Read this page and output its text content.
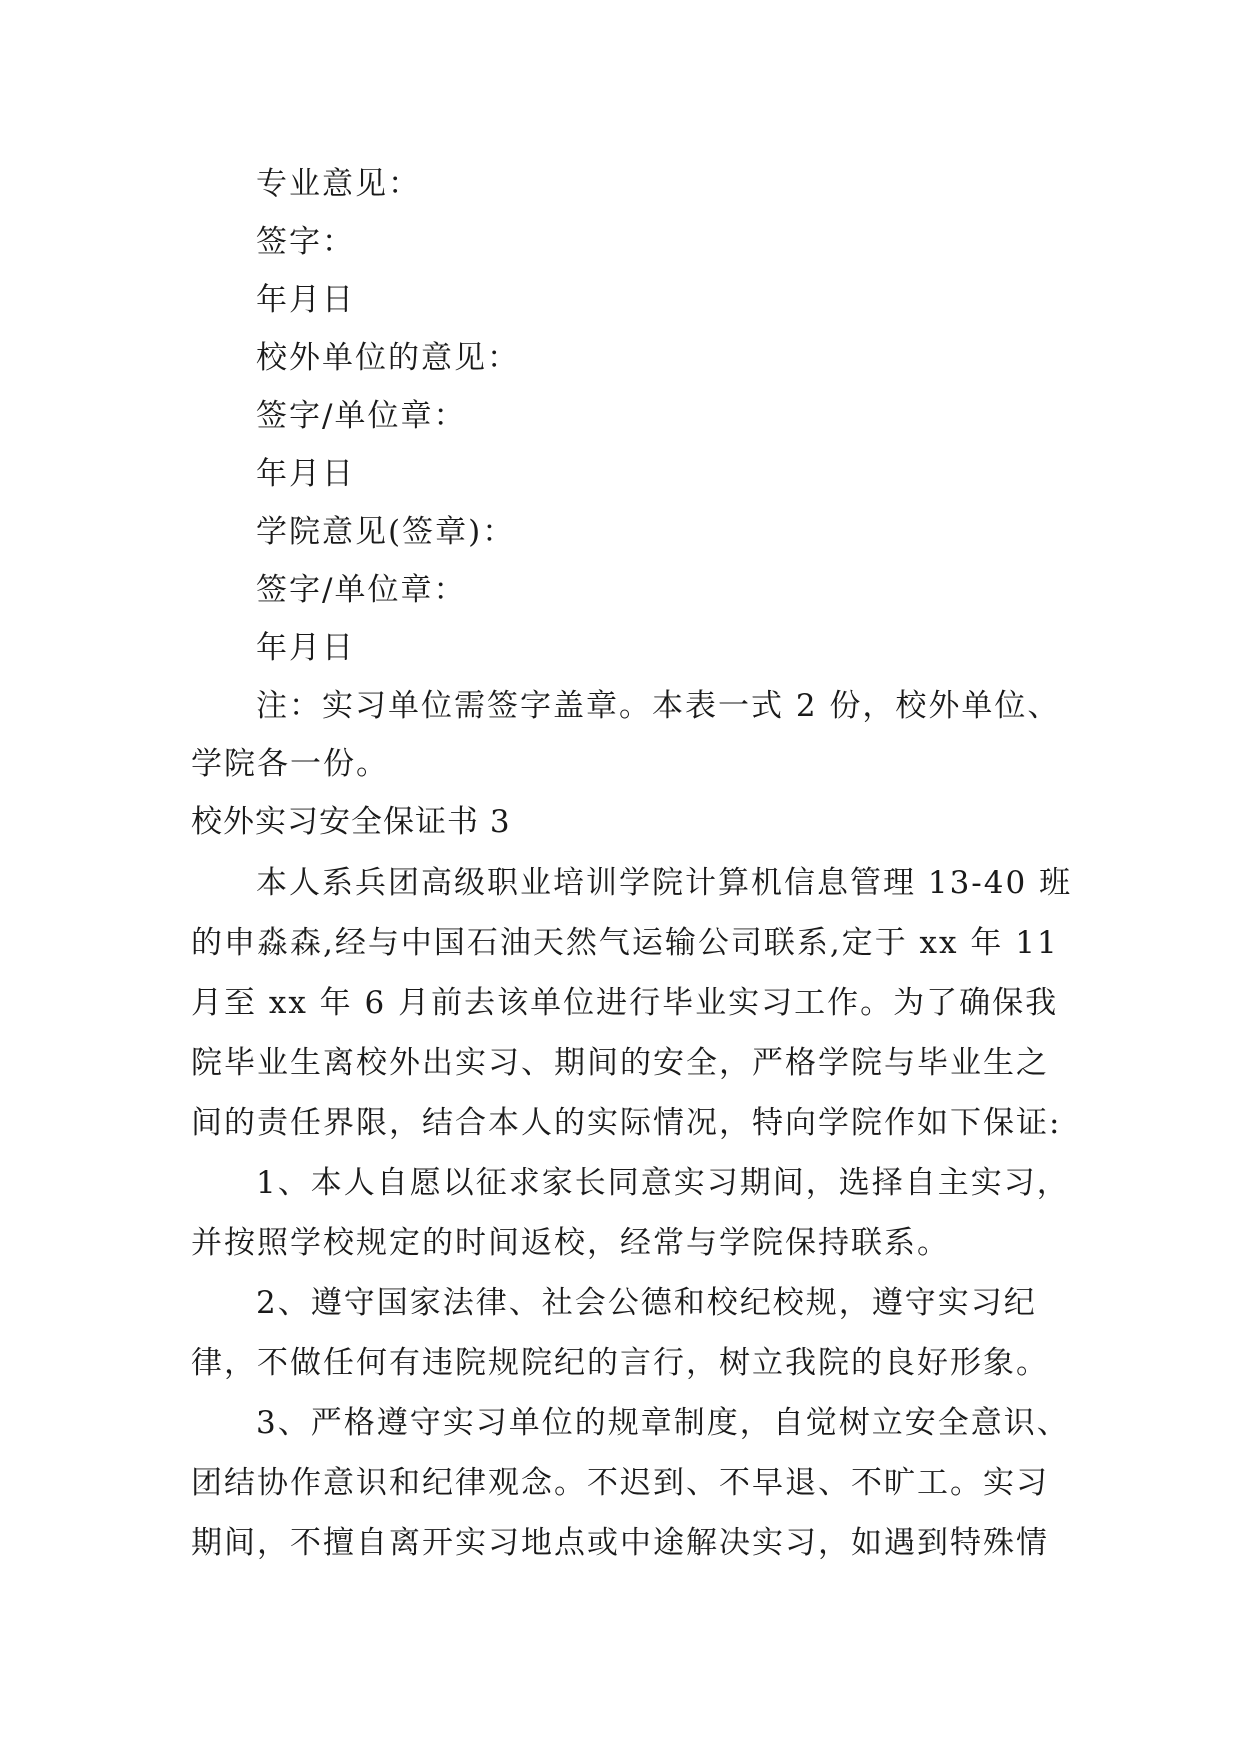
专业意见：

签字：

年月日

校外单位的意见：

签字/单位章：

年月日

学院意见(签章)：

签字/单位章：

年月日

注：实习单位需签字盖章。本表一式 2 份，校外单位、

学院各一份。

校外实习安全保证书 3

本人系兵团高级职业培训学院计算机信息管理 13-40 班

的申淼森,经与中国石油天然气运输公司联系,定于 xx 年 11

月至 xx 年 6 月前去该单位进行毕业实习工作。为了确保我

院毕业生离校外出实习、期间的安全，严格学院与毕业生之

间的责任界限，结合本人的实际情况，特向学院作如下保证:

1、本人自愿以征求家长同意实习期间，选择自主实习，

并按照学校规定的时间返校，经常与学院保持联系。

2、遵守国家法律、社会公德和校纪校规，遵守实习纪

律，不做任何有违院规院纪的言行，树立我院的良好形象。

3、严格遵守实习单位的规章制度，自觉树立安全意识、

团结协作意识和纪律观念。不迟到、不早退、不旷工。实习

期间，不擅自离开实习地点或中途解决实习，如遇到特殊情
